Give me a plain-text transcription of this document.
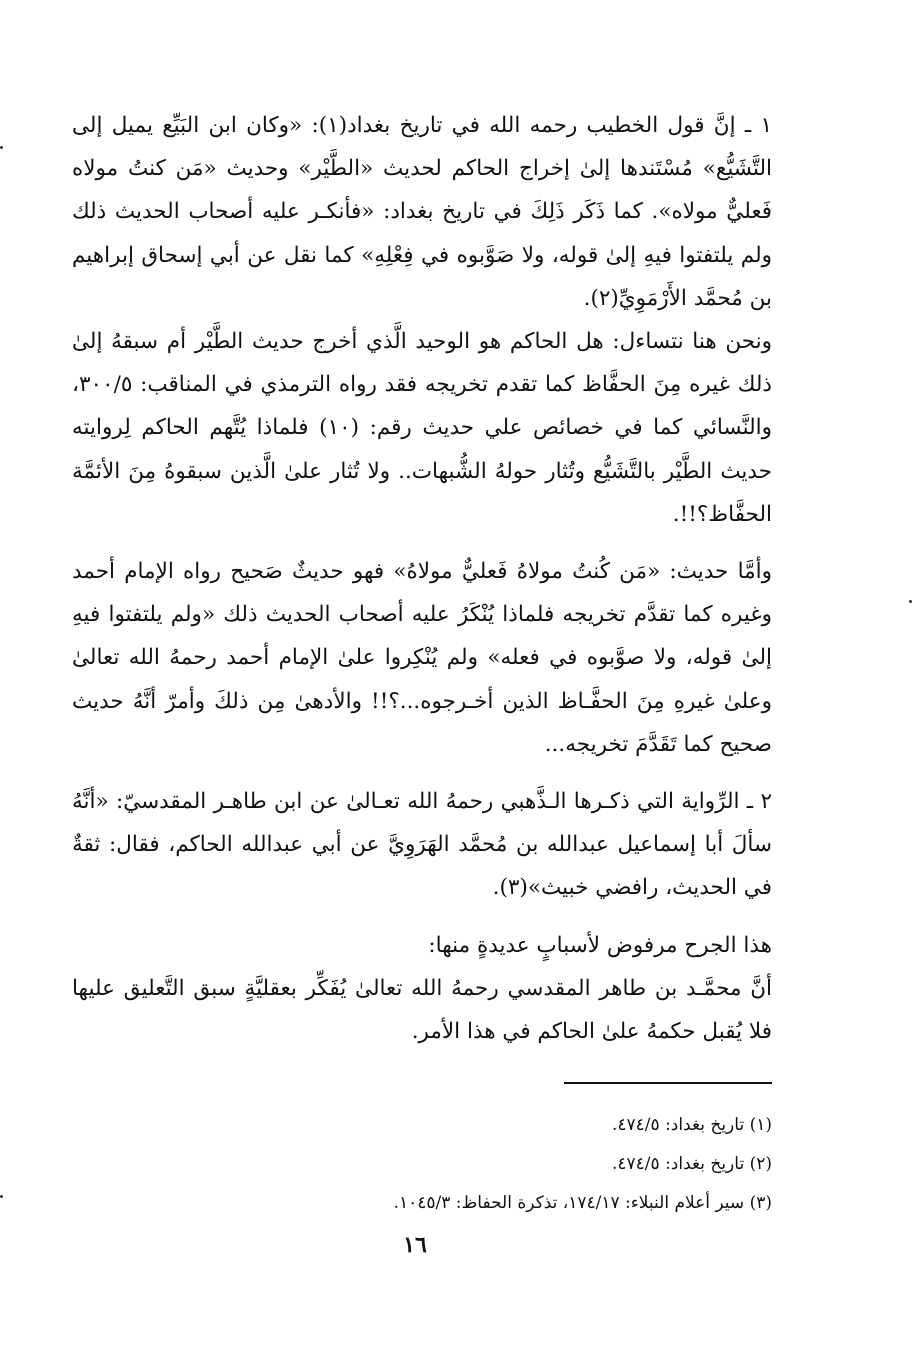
١ ـ إنَّ قول الخطيب رحمه الله في تاريخ بغداد(١): «وكان ابن البَيِّع يميل إلى التَّشَيُّع» مُسْتَندها إلىٰ إخراج الحاكم لحديث «الطَّيْر» وحديث «مَن كنتُ مولاه فَعليٌّ مولاه». كما ذَكَر ذَلِكَ في تاريخ بغداد: «فأنكـر عليه أصحاب الحديث ذلك ولم يلتفتوا فيهِ إلىٰ قوله، ولا صَوَّبوه في فِعْلِهِ» كما نقل عن أبي إسحاق إبراهيم بن مُحمَّد الأَرْمَوِيِّ(٢).

ونحن هنا نتساءل: هل الحاكم هو الوحيد الَّذي أخرج حديث الطَّيْر أم سبقهُ إلىٰ ذلك غيره مِنَ الحفَّاظ كما تقدم تخريجه فقد رواه الترمذي في المناقب: ٣٠٠/٥، والنَّسائي كما في خصائص علي حديث رقم: (١٠) فلماذا يُتَّهم الحاكم لِروايته حديث الطَّيْر بالتَّشَيُّع وتُثار حولهُ الشُّبهات.. ولا تُثار علىٰ الَّذين سبقوهُ مِنَ الأئمَّة الحفَّاظ؟!!.

وأمَّا حديث: «مَن كُنتُ مولاهُ فَعليٌّ مولاهُ» فهو حديثٌ صَحيح رواه الإمام أحمد وغيره كما تقدَّم تخريجه فلماذا يُنْكَرُ عليه أصحاب الحديث ذلك «ولم يلتفتوا فيهِ إلىٰ قوله، ولا صوَّبوه في فعله» ولم يُنْكِروا علىٰ الإمام أحمد رحمهُ الله تعالىٰ وعلىٰ غيرهِ مِنَ الحفَّـاظ الذين أخـرجوه...؟!! والأدهىٰ مِن ذلكَ وأمرّ أنَّهُ حديث صحيح كما تَقَدَّمَ تخريجه...

٢ ـ الرِّواية التي ذكـرها الـذَّهبي رحمهُ الله تعـالىٰ عن ابن طاهـر المقدسيّ: «أنَّهُ سألَ أبا إسماعيل عبدالله بن مُحمَّد الهَرَوِيَّ عن أبي عبدالله الحاكم، فقال: ثقةٌ في الحديث، رافضي خبيث»(٣).

هذا الجرح مرفوض لأسبابٍ عديدةٍ منها:

أنَّ محمَّـد بن طاهر المقدسي رحمهُ الله تعالىٰ يُفَكِّر بعقليَّةٍ سبق التَّعليق عليها فلا يُقبل حكمهُ علىٰ الحاكم في هذا الأمر.

(١) تاريخ بغداد: ٤٧٤/٥.

(٢) تاريخ بغداد: ٤٧٤/٥.

(٣) سير أعلام النبلاء: ١٧٤/١٧، تذكرة الحفاظ: ١٠٤٥/٣.

١٦
